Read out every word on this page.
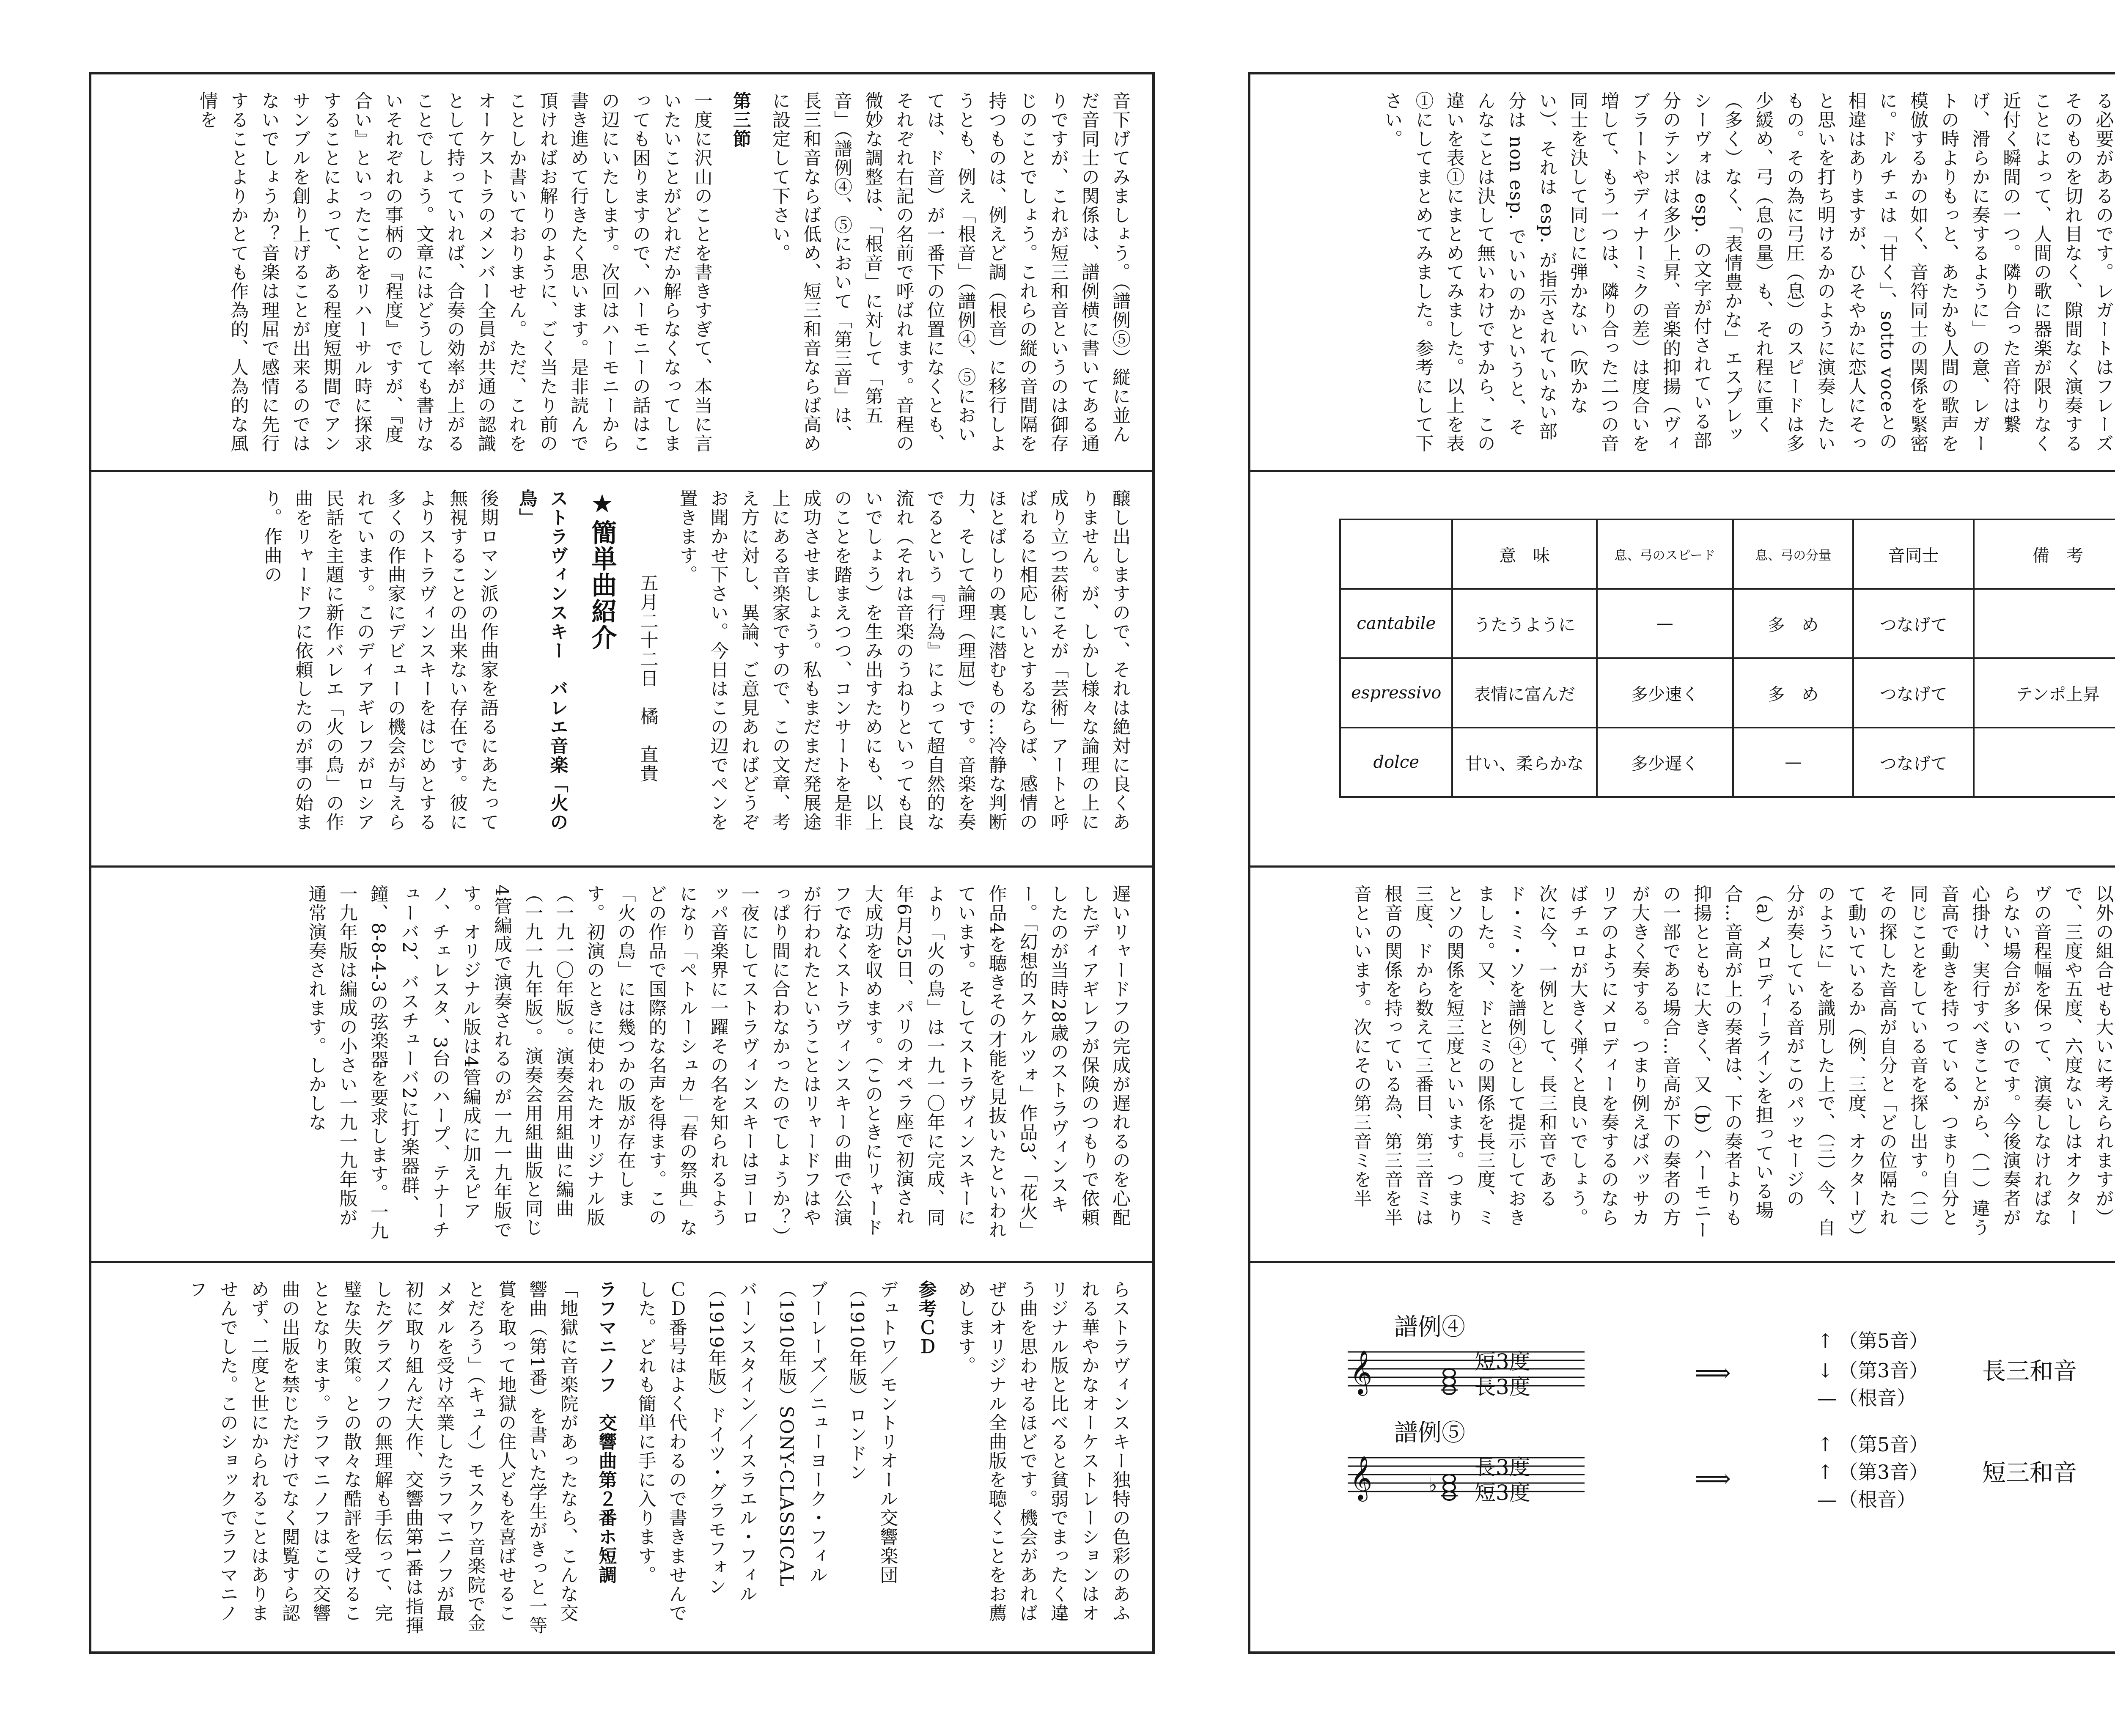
音下げてみましょう。（譜例⑤）縦に並んだ音同士の関係は、譜例横に書いてある通りですが、これが短三和音というのは御存じのことでしょう。これらの縦の音間隔を持つものは、例えど調（根音）に移行しようとも、例え「根音」（譜例④、⑤においては、ド音）が一番下の位置になくとも、それぞれ右記の名前で呼ばれます。音程の微妙な調整は、「根音」に対して「第五音」（譜例④、⑤において「第三音」は、長三和音ならば低め、短三和音ならば高めに設定して下さい。

第三節

一度に沢山のことを書きすぎて、本当に言いたいことがどれだか解らなくなってしまっても困りますので、ハーモニーの話はこの辺にいたします。次回はハーモニーから書き進めて行きたく思います。是非読んで頂ければお解りのように、ごく当たり前のことしか書いておりません。ただ、これをオーケストラのメンバー全員が共通の認識として持っていれば、合奏の効率が上がることでしょう。文章にはどうしても書けないそれぞれの事柄の『程度』ですが、『度合い』といったことをリハーサル時に探求することによって、ある程度短期間でアンサンブルを創り上げることが出来るのではないでしょうか？音楽は理屈で感情に先行することよりかとても作為的、人為的な風情を

醸し出しますので、それは絶対に良くありません。が、しかし様々な論理の上に成り立つ芸術こそが「芸術」アートと呼ばれるに相応しいとするならば、感情のほとばしりの裏に潜むもの…冷静な判断力、そして論理（理屈）です。音楽を奏でるという『行為』によって超自然的な流れ（それは音楽のうねりといっても良いでしょう）を生み出すためにも、以上のことを踏まえつつ、コンサートを是非成功させましょう。私もまだまだ発展途上にある音楽家ですので、この文章、考え方に対し、異論、ご意見あればどうぞお聞かせ下さい。今日はこの辺でペンを置きます。

五月二十二日　橘　直貴

★簡単曲紹介

ストラヴィンスキー　バレエ音楽「火の鳥」

後期ロマン派の作曲家を語るにあたって無視することの出来ない存在です。彼によりストラヴィンスキーをはじめとする多くの作曲家にデビューの機会が与えられています。このディアギレフがロシア民話を主題に新作バレエ「火の鳥」の作曲をリャードフに依頼したのが事の始まり。作曲の

遅いリャードフの完成が遅れるのを心配したディアギレフが保険のつもりで依頼したのが当時28歳のストラヴィンスキー。「幻想的スケルツォ」作品3、「花火」作品4を聴きその才能を見抜いたといわれています。そしてストラヴィンスキーにより「火の鳥」は一九一〇年に完成、同年6月25日、パリのオペラ座で初演され大成功を収めます。（このときにリャードフでなくストラヴィンスキーの曲で公演が行われたということはリャードフはやっぱり間に合わなかったのでしょうか？）一夜にしてストラヴィンスキーはヨーロッパ音楽界に一躍その名を知られるようになり「ペトルーシュカ」「春の祭典」などの作品で国際的な名声を得ます。この「火の鳥」には幾つかの版が存在します。初演のときに使われたオリジナル版（一九一〇年版）。演奏会用組曲に編曲（一九一九年版）。演奏会用組曲版と同じ4管編成で演奏されるのが一九一九年版です。オリジナル版は4管編成に加えピアノ、チェレスタ、3台のハープ、テナーチューバ2、バスチューバ2に打楽器群、鐘、8-8-4-3の弦楽器を要求します。一九一九年版は編成の小さい一九一九年版が通常演奏されます。しかしな

らストラヴィンスキー独特の色彩のあふれる華やかなオーケストレーションはオリジナル版と比べると貧弱でまったく違う曲を思わせるほどです。機会があればぜひオリジナル全曲版を聴くことをお薦めします。

参考ＣＤ

デュトワ／モントリオール交響楽団（1910年版）ロンドン

ブーレーズ／ニューヨーク・フィル（1910年版）SONY-CLASSICAL

バーンスタイン／イスラエル・フィル（1919年版）ドイツ・グラモフォン

ＣＤ番号はよく代わるので書きませんでした。どれも簡単に手に入ります。

ラフマニノフ　交響曲第２番ホ短調

「地獄に音楽院があったなら、こんな交響曲（第1番）を書いた学生がきっと一等賞を取って地獄の住人どもを喜ばせることだろう」（キュイ）モスクワ音楽院で金メダルを受け卒業したラフマニノフが最初に取り組んだ大作、交響曲第1番は指揮したグラズノフの無理解も手伝って、完璧な失敗策。との散々な酷評を受けることとなります。ラフマニノフはこの交響曲の出版を禁じただけでなく閲覧すら認めず、二度と世にかられることはありませんでした。このショックでラフマニノフ

る必要があるのです。レガートはフレーズそのものを切れ目なく、隙間なく演奏することによって、人間の歌に器楽が限りなく近付く瞬間の一つ。隣り合った音符は繋げ、滑らかに奏するように」の意、レガートの時よりもっと、あたかも人間の歌声を模倣するかの如く、音符同士の関係を緊密に。ドルチェは「甘く」、sotto voceとの相違はありますが、ひそやかに恋人にそっと思いを打ち明けるかのように演奏したいもの。その為に弓圧（息）のスピードは多少緩め、弓（息の量）も、それ程に重く（多く）なく、「表情豊かな」エスプレッシーヴォは esp. の文字が付されている部分のテンポは多少上昇、音楽的抑揚（ヴィブラートやディナーミクの差）は度合いを増して、もう一つは、隣り合った二つの音同士を決して同じに弾かない（吹かない）、それは esp. が指示されていない部分は non esp. でいいのかというと、そんなことは決して無いわけですから、この違いを表①にまとめてみました。以上を表①にしてまとめてみました。参考にして下さい。

	意　味	息、弓のスピード	息、弓の分量	音同士	備　考
cantabile	うたうように	—	多　め	つなげて	
espressivo	表情に富んだ	多少速く	多　め	つなげて	テンポ上昇
dolce	甘い、柔らかな	多少遅く	—	つなげて	

以外の組合せも大いに考えられますが）で、三度や五度、六度ないしはオクターヴの音程幅を保って、演奏しなければならない場合が多いのです。今後演奏者が心掛け、実行すべきことがら、（一）違う音高で動きを持っている、つまり自分と同じことをしている音を探し出す。（二）その探した音高が自分と「どの位隔たれて動いているか（例、三度、オクターヴ）のように」を識別した上で、（三）今、自分が奏している音がこのパッセージの（a）メロディーラインを担っている場合…音高が上の奏者は、下の奏者よりも抑揚とともに大きく、又（b）ハーモニーの一部である場合…音高が下の奏者の方が大きく奏する。つまり例えばバッサカリアのようにメロディーを奏するのならばチェロが大きく弾くと良いでしょう。次に今、一例として、長三和音であるド・ミ・ソを譜例④として提示しておきました。又、ドとミの関係を長三度、ミとソの関係を短三度といいます。つまり三度、ドから数えて三番目、第三音ミは根音の関係を持っている為、第三音を半音といいます。次にその第三音ミを半

譜例④
𝄞	短3度
長3度	⟹
↑
↓
—
（第5音）
（第3音）
（根音）
長三和音
譜例⑤
𝄞	♭
長3度
短3度	⟹
↑
↑
—
（第5音）
（第3音）
（根音）
短三和音
